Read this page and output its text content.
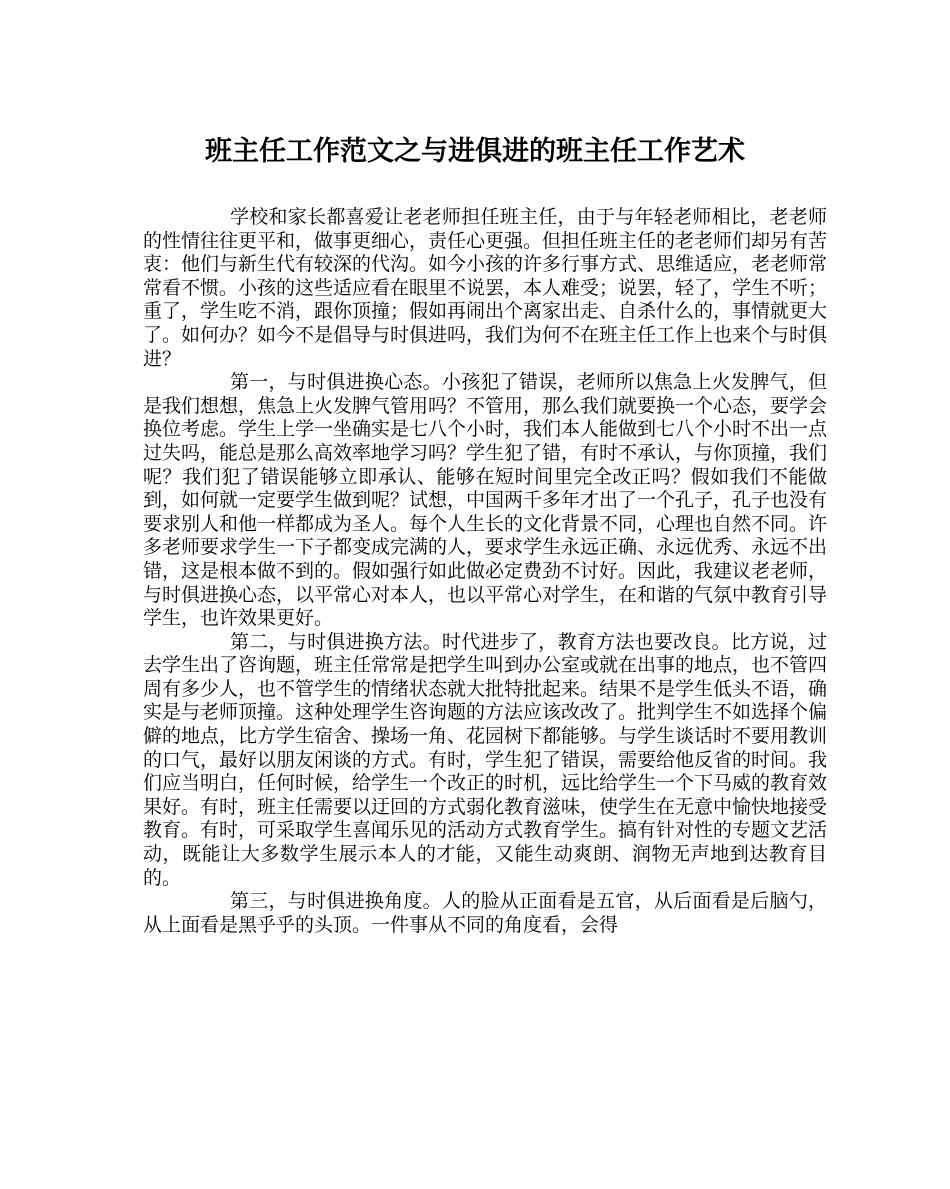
班主任工作范文之与进俱进的班主任工作艺术

学校和家长都喜爱让老老师担任班主任，由于与年轻老师相比，老老师的性情往往更平和，做事更细心，责任心更强。但担任班主任的老老师们却另有苦衷：他们与新生代有较深的代沟。如今小孩的许多行事方式、思维适应，老老师常常看不惯。小孩的这些适应看在眼里不说罢，本人难受；说罢，轻了，学生不听；重了，学生吃不消，跟你顶撞；假如再闹出个离家出走、自杀什么的，事情就更大了。如何办？如今不是倡导与时俱进吗，我们为何不在班主任工作上也来个与时俱进？

第一，与时俱进换心态。小孩犯了错误，老师所以焦急上火发脾气，但是我们想想，焦急上火发脾气管用吗？不管用，那么我们就要换一个心态，要学会换位考虑。学生上学一坐确实是七八个小时，我们本人能做到七八个小时不出一点过失吗，能总是那么高效率地学习吗？学生犯了错，有时不承认，与你顶撞，我们呢？我们犯了错误能够立即承认、能够在短时间里完全改正吗？假如我们不能做到，如何就一定要学生做到呢？试想，中国两千多年才出了一个孔子，孔子也没有要求别人和他一样都成为圣人。每个人生长的文化背景不同，心理也自然不同。许多老师要求学生一下子都变成完满的人，要求学生永远正确、永远优秀、永远不出错，这是根本做不到的。假如强行如此做必定费劲不讨好。因此，我建议老老师，与时俱进换心态，以平常心对本人，也以平常心对学生，在和谐的气氛中教育引导学生，也许效果更好。

第二，与时俱进换方法。时代进步了，教育方法也要改良。比方说，过去学生出了咨询题，班主任常常是把学生叫到办公室或就在出事的地点，也不管四周有多少人，也不管学生的情绪状态就大批特批起来。结果不是学生低头不语，确实是与老师顶撞。这种处理学生咨询题的方法应该改改了。批判学生不如选择个偏僻的地点，比方学生宿舍、操场一角、花园树下都能够。与学生谈话时不要用教训的口气，最好以朋友闲谈的方式。有时，学生犯了错误，需要给他反省的时间。我们应当明白，任何时候，给学生一个改正的时机，远比给学生一个下马威的教育效果好。有时，班主任需要以迂回的方式弱化教育滋味，使学生在无意中愉快地接受教育。有时，可采取学生喜闻乐见的活动方式教育学生。搞有针对性的专题文艺活动，既能让大多数学生展示本人的才能，又能生动爽朗、润物无声地到达教育目的。

第三，与时俱进换角度。人的脸从正面看是五官，从后面看是后脑勺，从上面看是黑乎乎的头顶。一件事从不同的角度看，会得
